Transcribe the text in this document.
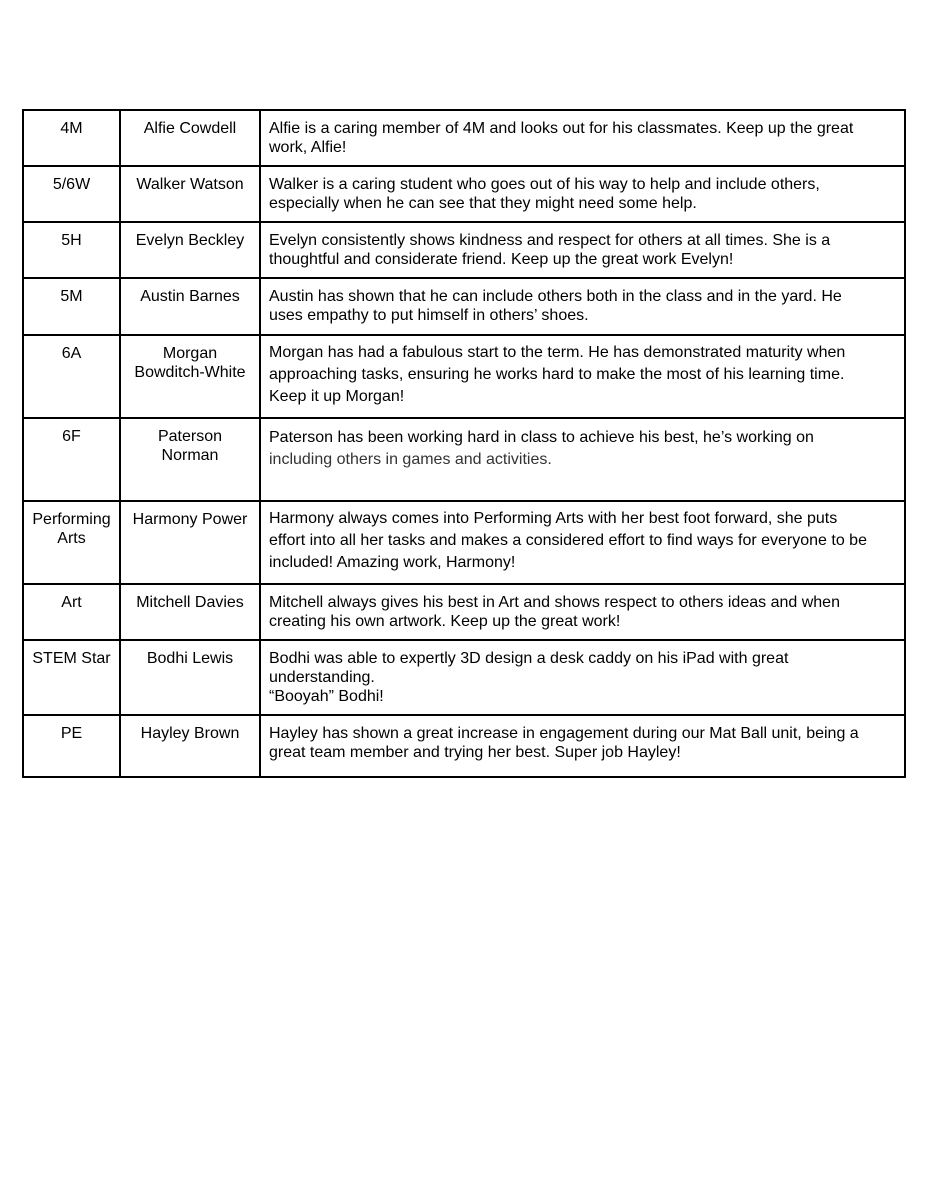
4M	Alfie Cowdell	Alfie is a caring member of 4M and looks out for his classmates. Keep up the great
work, Alfie!

5/6W	Walker Watson	Walker is a caring student who goes out of his way to help and include others,
especially when he can see that they might need some help.

5H	Evelyn Beckley	Evelyn consistently shows kindness and respect for others at all times. She is a
thoughtful and considerate friend. Keep up the great work Evelyn!

5M	Austin Barnes	Austin has shown that he can include others both in the class and in the yard. He
uses empathy to put himself in others’ shoes.

6A	Morgan
Bowditch-White	Morgan has had a fabulous start to the term. He has demonstrated maturity when
approaching tasks, ensuring he works hard to make the most of his learning time.
Keep it up Morgan!

6F	Paterson
Norman	Paterson has been working hard in class to achieve his best, he’s working on
including others in games and activities.

Performing
Arts	Harmony Power	Harmony always comes into Performing Arts with her best foot forward, she puts
effort into all her tasks and makes a considered effort to find ways for everyone to be
included! Amazing work, Harmony!

Art	Mitchell Davies	Mitchell always gives his best in Art and shows respect to others ideas and when
creating his own artwork. Keep up the great work!

STEM Star	Bodhi Lewis	Bodhi was able to expertly 3D design a desk caddy on his iPad with great
understanding.
“Booyah” Bodhi!

PE	Hayley Brown	Hayley has shown a great increase in engagement during our Mat Ball unit, being a
great team member and trying her best. Super job Hayley!
